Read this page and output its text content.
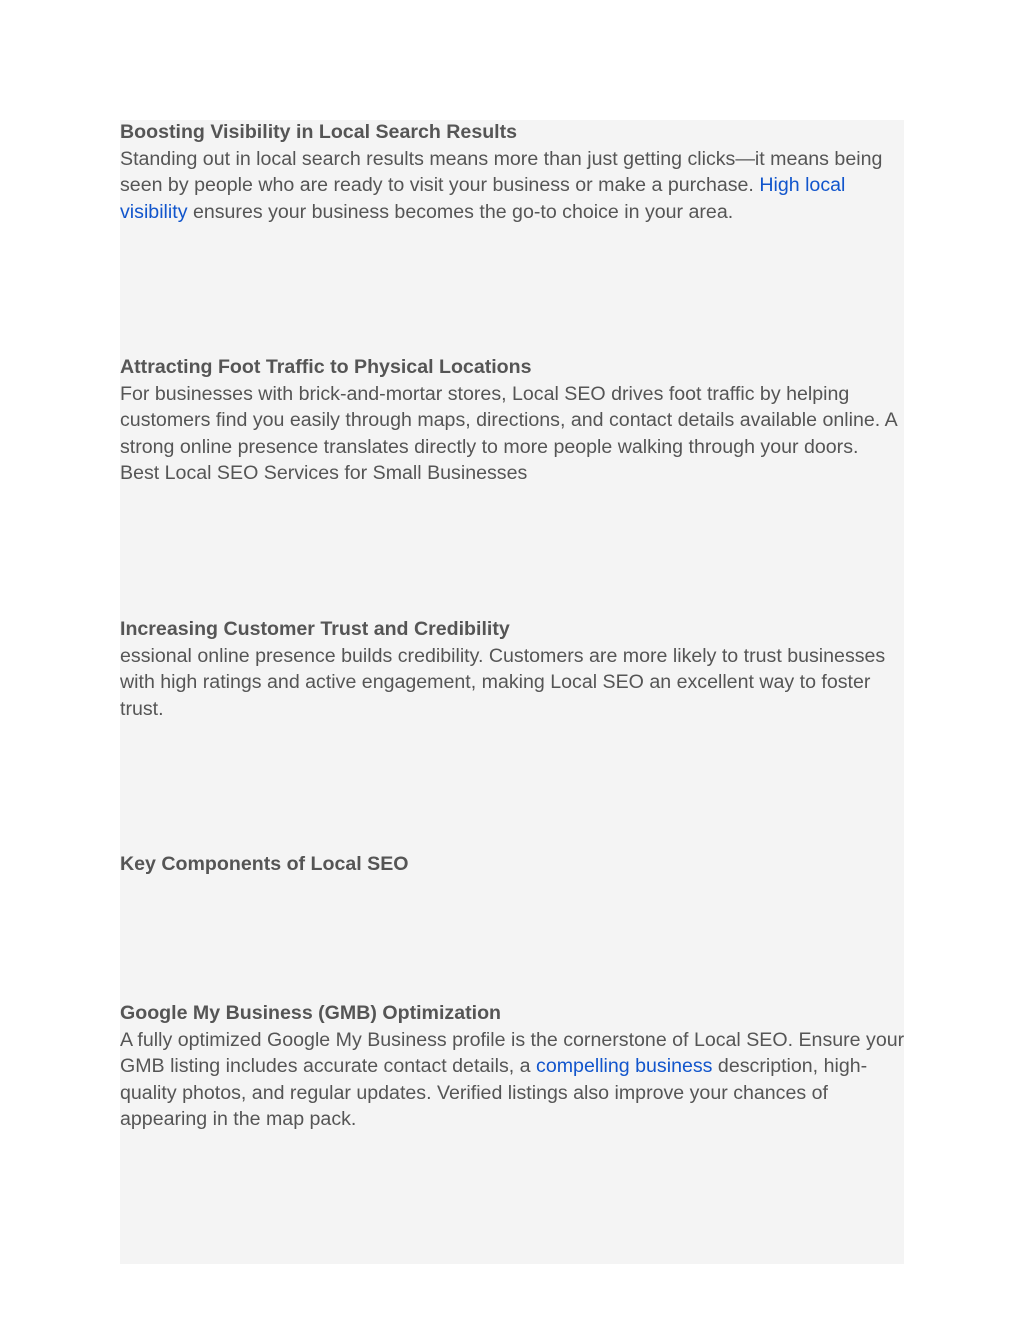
Boosting Visibility in Local Search Results

Standing out in local search results means more than just getting clicks—it means being seen by people who are ready to visit your business or make a purchase. High local visibility ensures your business becomes the go-to choice in your area.

Attracting Foot Traffic to Physical Locations

For businesses with brick-and-mortar stores, Local SEO drives foot traffic by helping customers find you easily through maps, directions, and contact details available online. A strong online presence translates directly to more people walking through your doors.

Best Local SEO Services for Small Businesses

Increasing Customer Trust and Credibility

essional online presence builds credibility. Customers are more likely to trust businesses with high ratings and active engagement, making Local SEO an excellent way to foster trust.

Key Components of Local SEO
Google My Business (GMB) Optimization

A fully optimized Google My Business profile is the cornerstone of Local SEO. Ensure your GMB listing includes accurate contact details, a compelling business description, high-quality photos, and regular updates. Verified listings also improve your chances of appearing in the map pack.
